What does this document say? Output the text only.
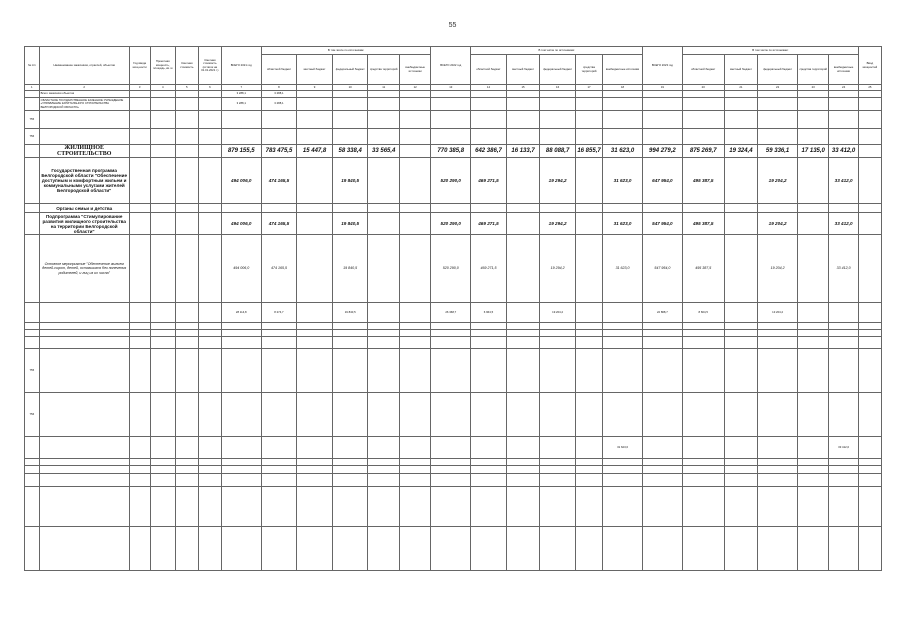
55
№ п/п	Наименование заказчиков, отраслей, объектов	Год ввода мощ-ности	Проектная мощность, площадь, кв. м	Сметная стоимость	Сметная стоимость (остаток на 01.01.2021 г.)	ВСЕГО 2021 год	В том числе по источникам:					ВСЕГО 2022 год	В том числе по источникам:					ВСЕГО 2023 год	В том числе по источникам:					Ввод мощностей
							областной бюджет	местный бюджет	федеральный бюджет	средства территорий	внебюджетные источники		областной бюджет	местный бюджет	федеральный бюджет	средства территорий	внебюджетные источники		областной бюджет	местный бюджет	федеральный бюджет	средства территорий	внебюджетные источники	
1	2	3	4	5	6	7	8	9	10	11	12	13	14	15	16	17	18	19	20	21	22	23	24	25
	Всего заказчики объектов					3 288,1	3 288,1																	
	ОБЛАСТНОЕ ГОСУДАРСТВЕННОЕ КАЗЕННОЕ УЧРЕЖДЕНИЕ «УПРАВЛЕНИЕ КАПИТАЛЬНОГО СТРОИТЕЛЬСТВА БЕЛГОРОДСКОЙ ОБЛАСТИ»					3 288,1	3 288,1																	
755																								
756																								
	ЖИЛИЩНОЕ СТРОИТЕЛЬСТВО					879 155,5	783 475,5	15 447,8	58 338,4	33 565,4		770 385,8	642 386,7	16 133,7	88 088,7	16 855,7	31 623,0	994 279,2	875 269,7	19 324,4	59 336,1	17 135,0	33 412,0	
	Государственная программа Белгородской области "Обеспечение доступным и комфортным жильем и коммунальными услугами жителей Белгородской области"					494 006,0	474 165,5		19 840,5			520 290,0	469 271,5		19 294,2		31 623,0	647 954,0	495 387,5		19 204,2		33 412,0	
	Органы семьи и детства																							
	Подпрограмма "Стимулирование развития жилищного строительства на территории Белгородской области"					494 006,0	474 165,5		19 840,5			520 290,0	469 271,5		19 294,2		31 623,0	547 954,0	495 387,5		19 204,2		33 412,0	
	Основное мероприятие "Обеспечение жильем детей-сирот, детей, оставшихся без попечения родителей, и лиц из их числа"					494 006,0	474 165,5		19 840,5			520 290,0	469 271,5		19 294,2		31 623,0	547 954,0	495 387,5		19 204,2		33 412,0	
						28 114,8	8 274,7		19 840,5			26 368,7	6 964,5		19 204,2			22 868,7	8 664,5		13 204,2			

755																								
756																								
																	31 623,0						33 412,0	
